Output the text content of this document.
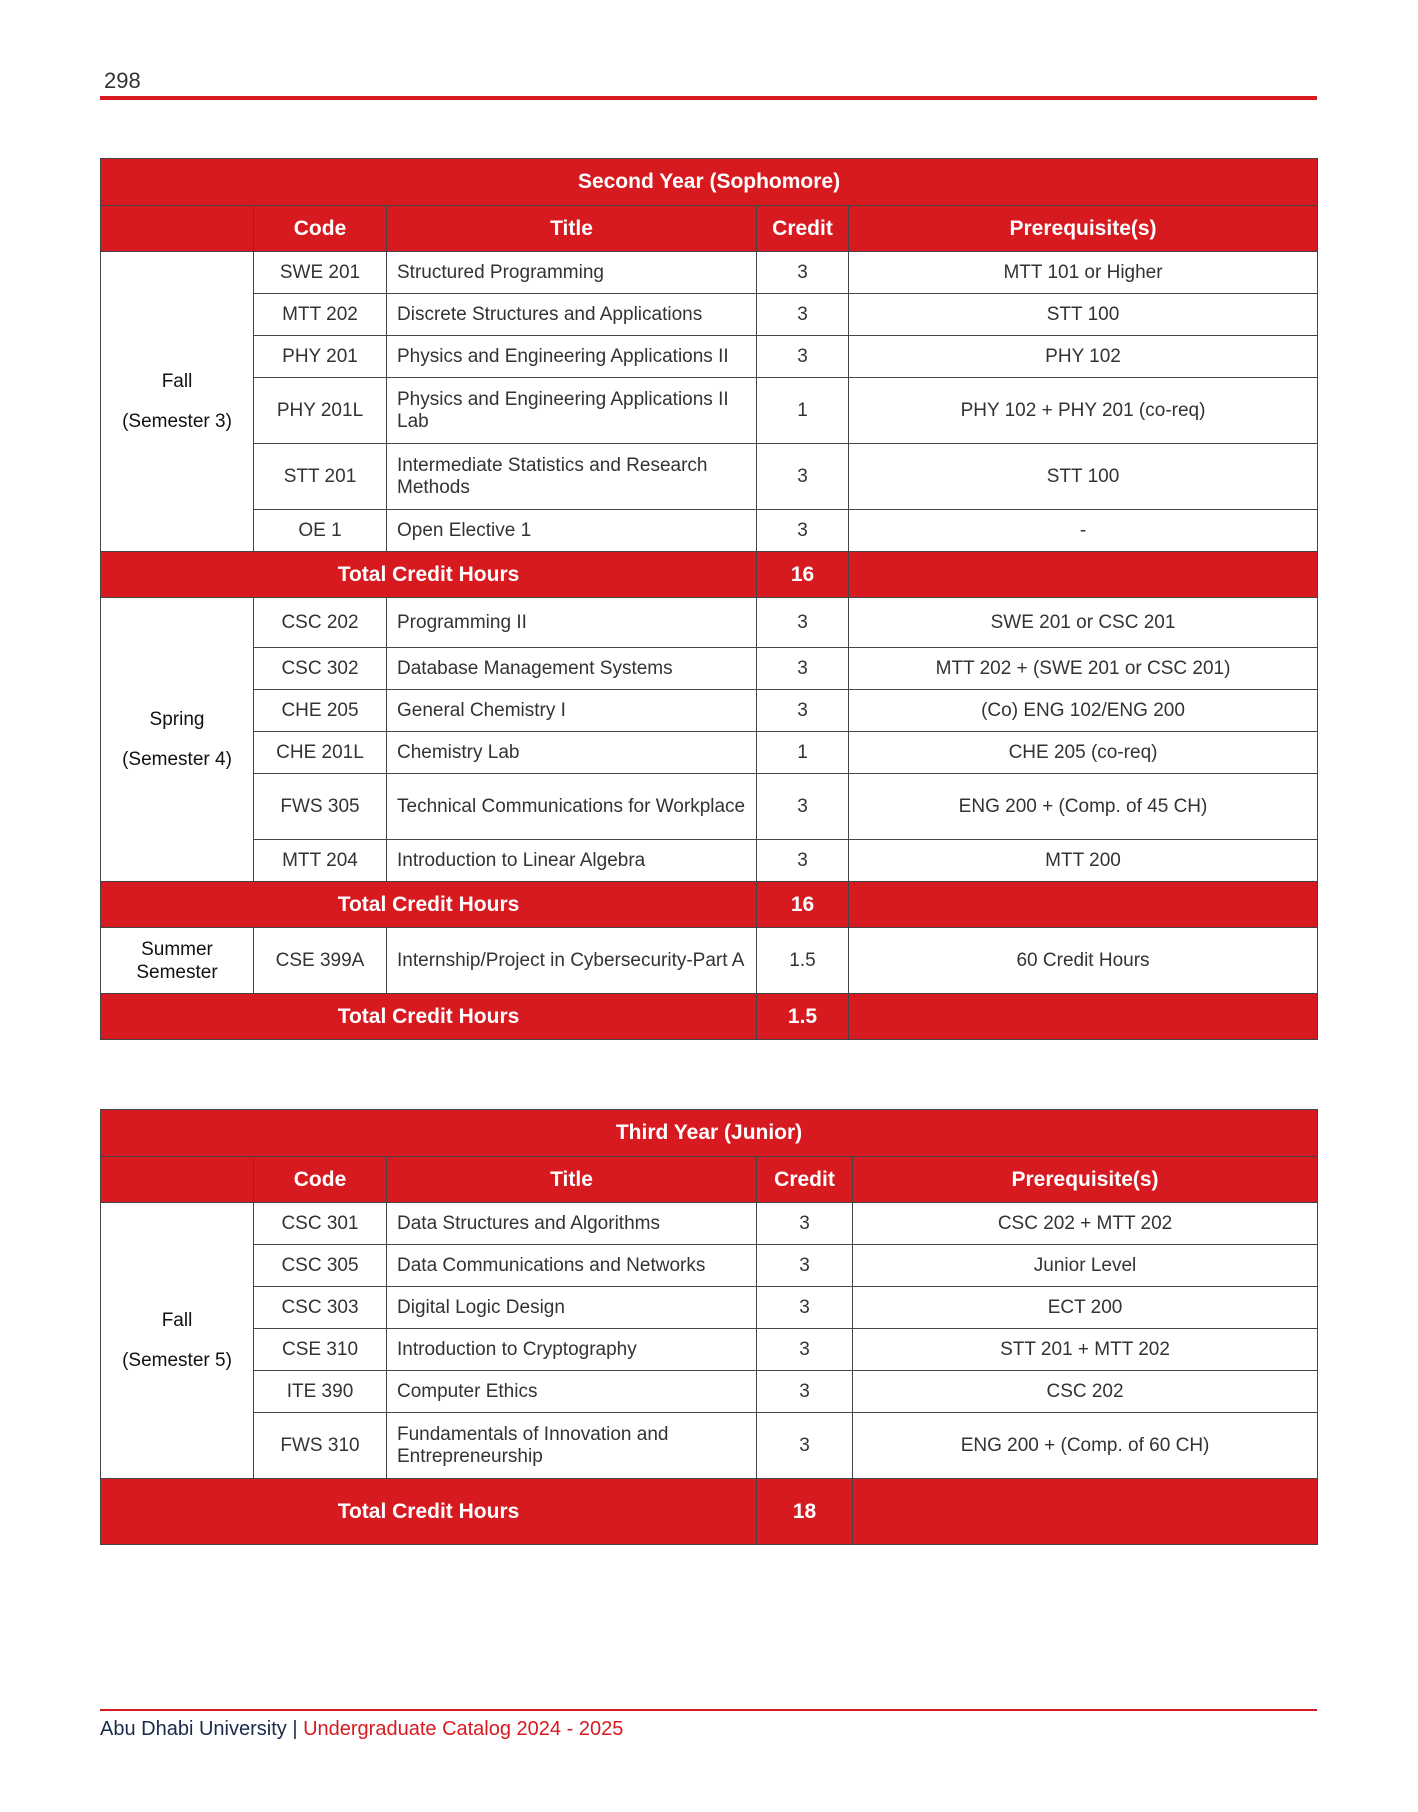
298
Second Year (Sophomore)				
	Code	Title	Credit	Prerequisite(s)

Fall
(Semester 3)	SWE 201	Structured Programming	3	MTT 101 or Higher
	MTT 202	Discrete Structures and Applications	3	STT 100
	PHY 201	Physics and Engineering Applications II	3	PHY 102
	PHY 201L	Physics and Engineering Applications II Lab	1	PHY 102 + PHY 201 (co-req)
	STT 201	Intermediate Statistics and Research Methods	3	STT 100
	OE 1	Open Elective 1	3	-
Total Credit Hours			16	

Spring
(Semester 4)	CSC 202	Programming II	3	SWE 201 or CSC 201
	CSC 302	Database Management Systems	3	MTT 202 + (SWE 201 or CSC 201)
	CHE 205	General Chemistry I	3	(Co) ENG 102/ENG 200
	CHE 201L	Chemistry Lab	1	CHE 205 (co-req)
	FWS 305	Technical Communications for Workplace	3	ENG 200 + (Comp. of 45 CH)
	MTT 204	Introduction to Linear Algebra	3	MTT 200
Total Credit Hours			16	
Summer Semester	CSE 399A	Internship/Project in Cybersecurity-Part A	1.5	60 Credit Hours
Total Credit Hours			1.5	
Third Year (Junior)				
	Code	Title	Credit	Prerequisite(s)

Fall
(Semester 5)	CSC 301	Data Structures and Algorithms	3	CSC 202 + MTT 202
	CSC 305	Data Communications and Networks	3	Junior Level
	CSC 303	Digital Logic Design	3	ECT 200
	CSE 310	Introduction to Cryptography	3	STT 201 + MTT 202
	ITE 390	Computer Ethics	3	CSC 202
	FWS 310	Fundamentals of Innovation and Entrepreneurship	3	ENG 200 + (Comp. of 60 CH)
Total Credit Hours			18	
Abu Dhabi University | Undergraduate Catalog 2024 - 2025
